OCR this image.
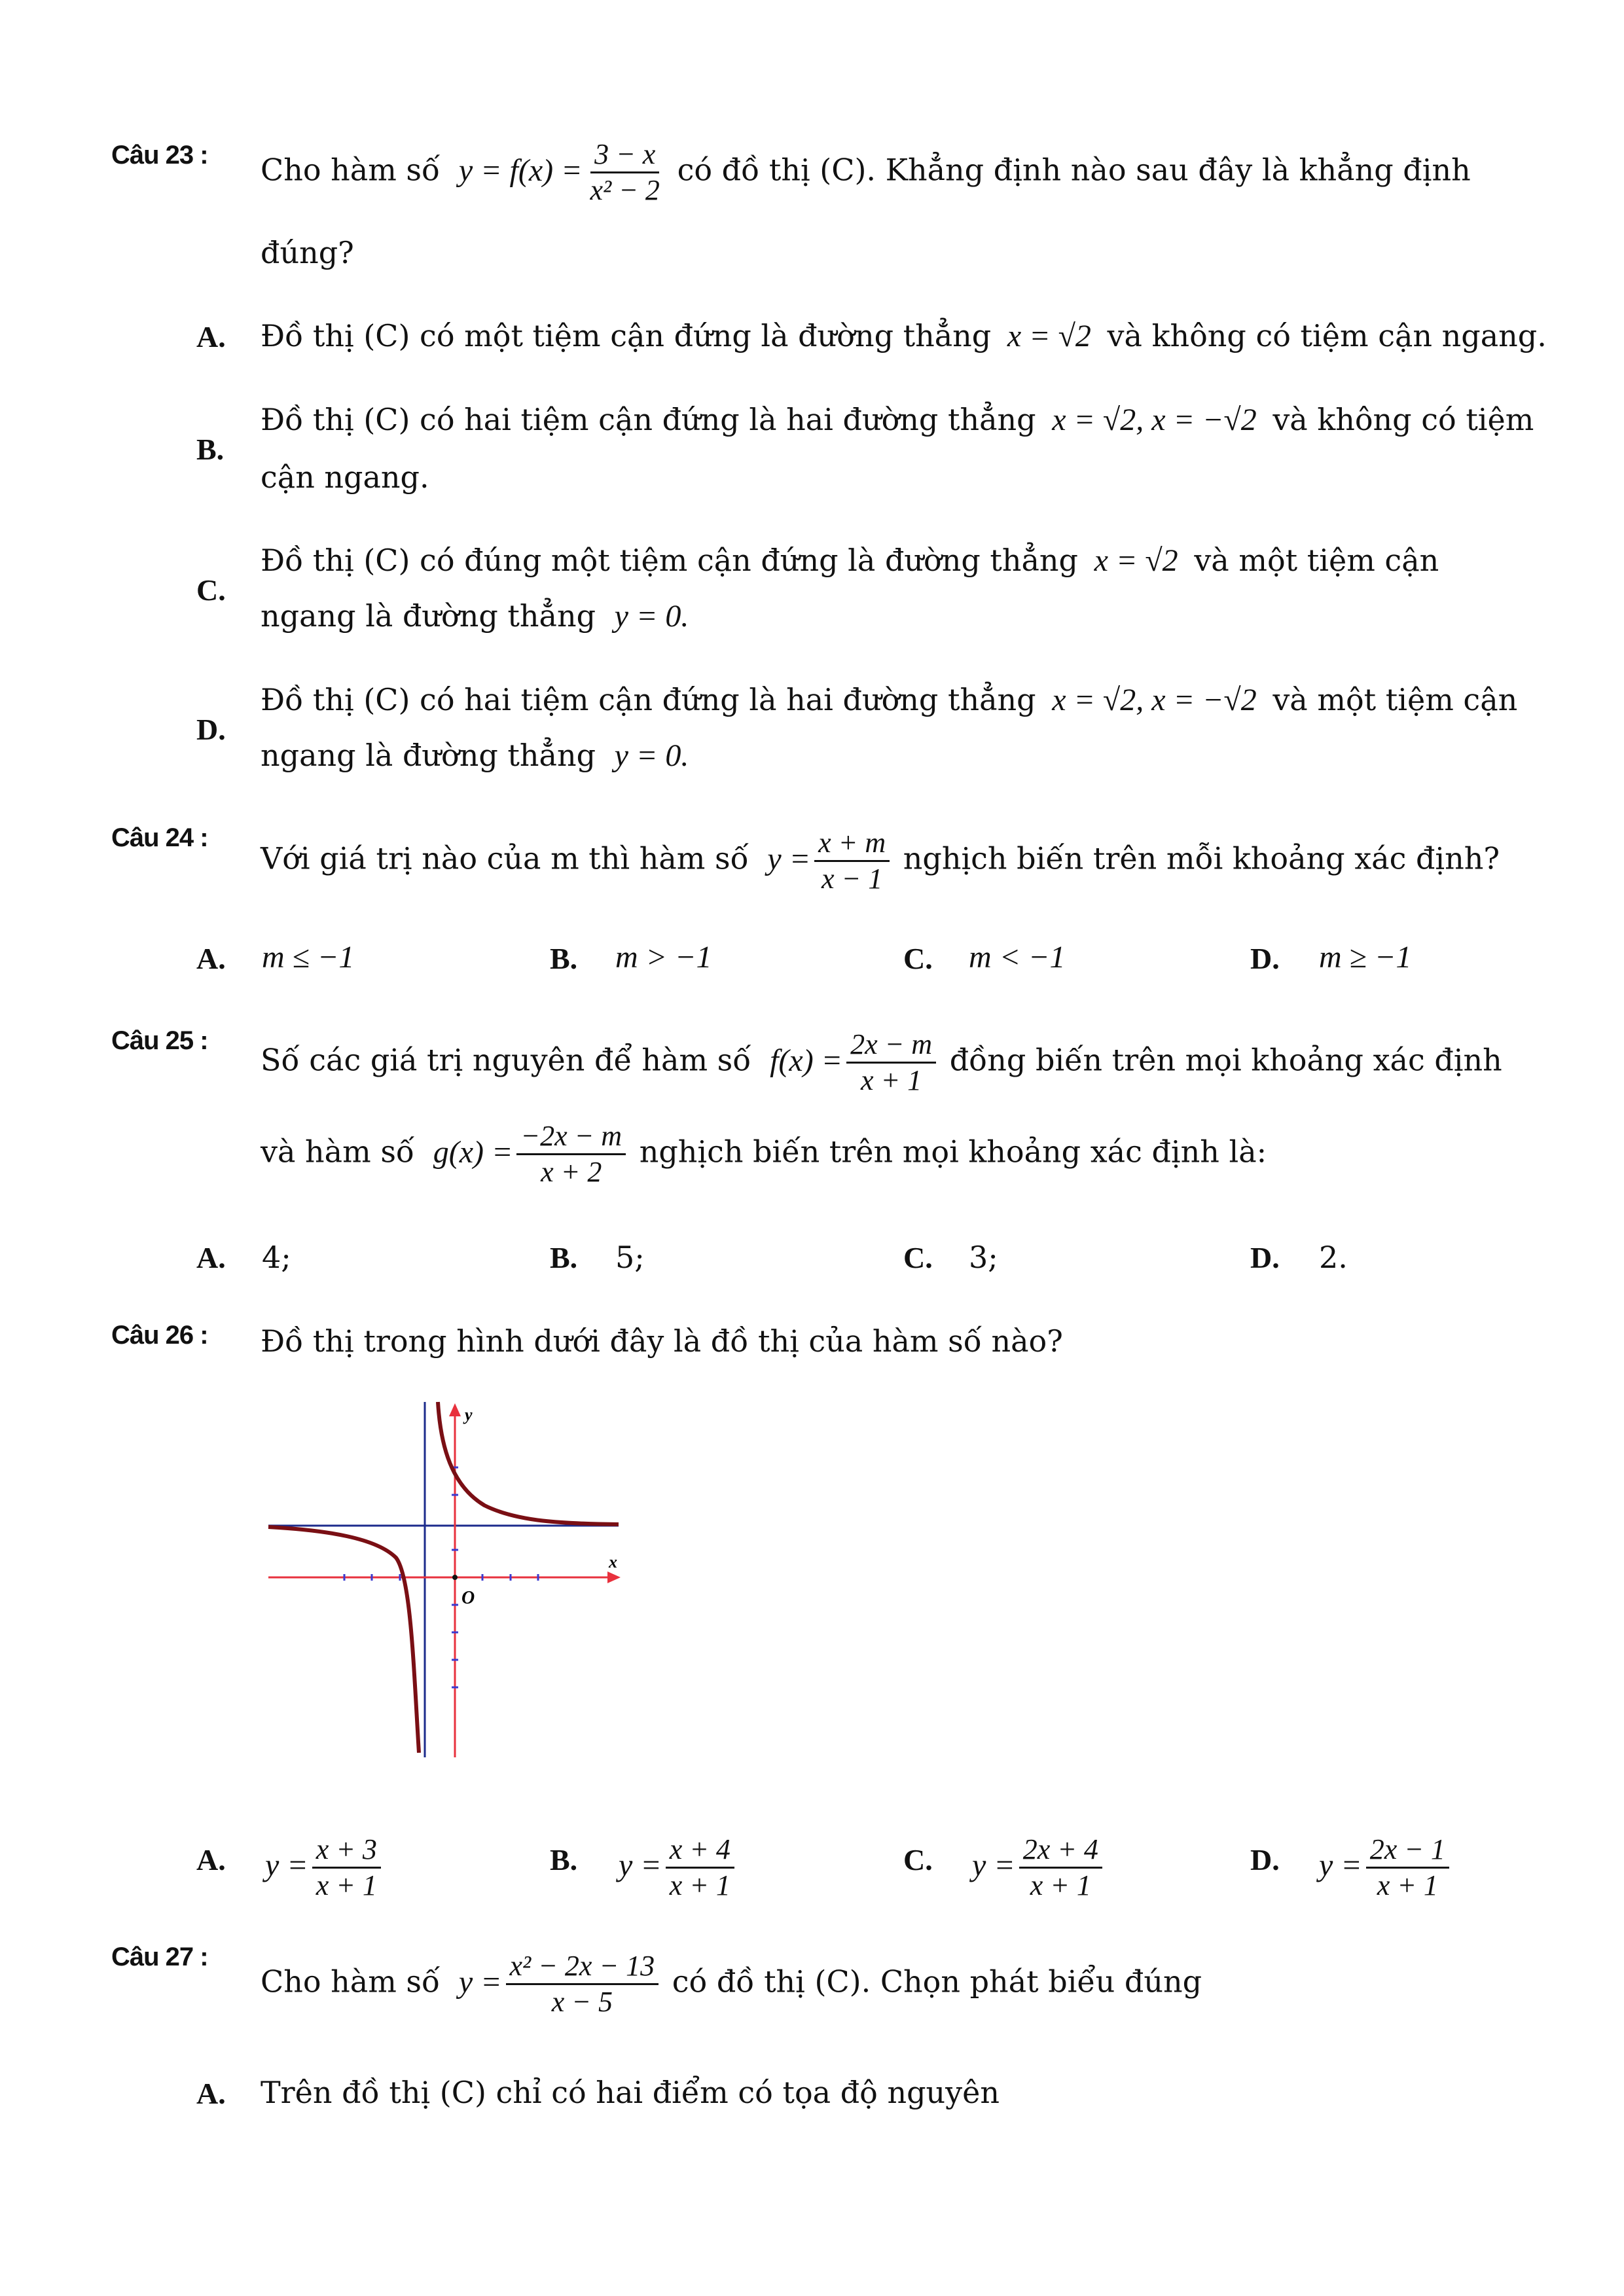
Câu 23 : Cho hàm số $y = f(x) = \frac{3 - x}{\text{x² − 2}}$ có đồ thị (C). Khẳng định nào sau đây là khẳng định
đúng?
A. Đồ thị (C) có một tiệm cận đứng là đường thẳng x = √2 và không có tiệm cận ngang.
B.
Đồ thị (C) có hai tiệm cận đứng là hai đường thẳng x = √2, x = −√2 và không có tiệm
cận ngang.
C.
Đồ thị (C) có đúng một tiệm cận đứng là đường thẳng x = √2 và một tiệm cận
ngang là đường thẳng y = 0.
D.
Đồ thị (C) có hai tiệm cận đứng là hai đường thẳng x = √2, x = −√2 và một tiệm cận
ngang là đường thẳng y = 0.
Câu 24 :
Với giá trị nào của m thì hàm số $y = \frac{x + m}{x - 1}$ nghịch biến trên mỗi khoảng xác định?
A. m ≤ −1	B. m > −1	C. m < −1	D. m ≥ −1
Câu 25 :
Số các giá trị nguyên để hàm số $f(x) = \frac{2x - m}{x + 1}$ đồng biến trên mọi khoảng xác định
và hàm số $g(x) = \frac{-2x - m}{x + 2}$ nghịch biến trên mọi khoảng xác định là:
A. 4;	B. 5;	C. 3;	D. 2.
Câu 26 : Đồ thị trong hình dưới đây là đồ thị của hàm số nào?
x
y
O
A. $y = \frac{x + 3}{x + 1}$	B. $y = \frac{x + 4}{x + 1}$	C. $y = \frac{2x + 4}{x + 1}$	D. $y = \frac{2x - 1}{x + 1}$
Câu 27 :
Cho hàm số $y = \frac{\text{x² − 2x − 13}}{x - 5}$ có đồ thị (C). Chọn phát biểu đúng
A. Trên đồ thị (C) chỉ có hai điểm có tọa độ nguyên
